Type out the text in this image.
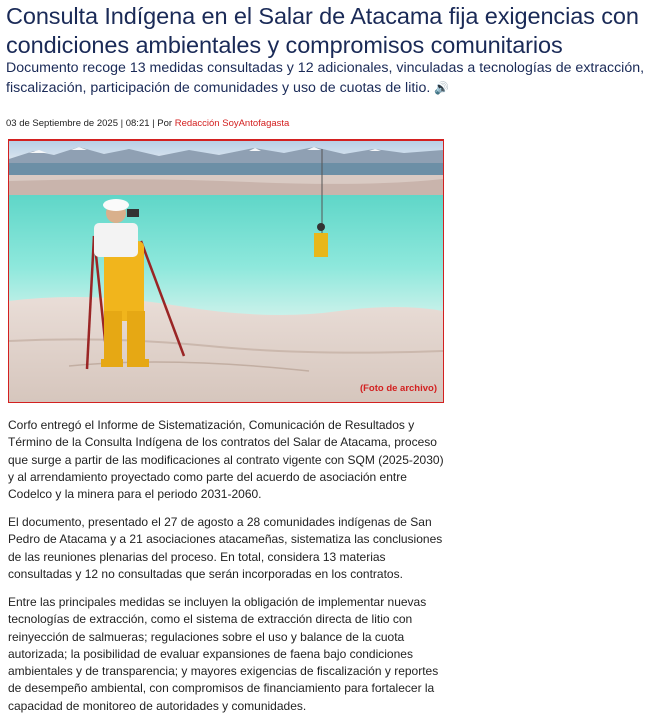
Consulta Indígena en el Salar de Atacama fija exigencias con condiciones ambientales y compromisos comunitarios

Documento recoge 13 medidas consultadas y 12 adicionales, vinculadas a tecnologías de extracción, fiscalización, participación de comunidades y uso de cuotas de litio. 🔊

03 de Septiembre de 2025 | 08:21 | Por Redacción SoyAntofagasta
(Foto de archivo)

Corfo entregó el Informe de Sistematización, Comunicación de Resultados y Término de la Consulta Indígena de los contratos del Salar de Atacama, proceso que surge a partir de las modificaciones al contrato vigente con SQM (2025-2030) y al arrendamiento proyectado como parte del acuerdo de asociación entre Codelco y la minera para el periodo 2031-2060.

El documento, presentado el 27 de agosto a 28 comunidades indígenas de San Pedro de Atacama y a 21 asociaciones atacameñas, sistematiza las conclusiones de las reuniones plenarias del proceso. En total, considera 13 materias consultadas y 12 no consultadas que serán incorporadas en los contratos.

Entre las principales medidas se incluyen la obligación de implementar nuevas tecnologías de extracción, como el sistema de extracción directa de litio con reinyección de salmueras; regulaciones sobre el uso y balance de la cuota autorizada; la posibilidad de evaluar expansiones de faena bajo condiciones ambientales y de transparencia; y mayores exigencias de fiscalización y reportes de desempeño ambiental, con compromisos de financiamiento para fortalecer la capacidad de monitoreo de autoridades y comunidades.
